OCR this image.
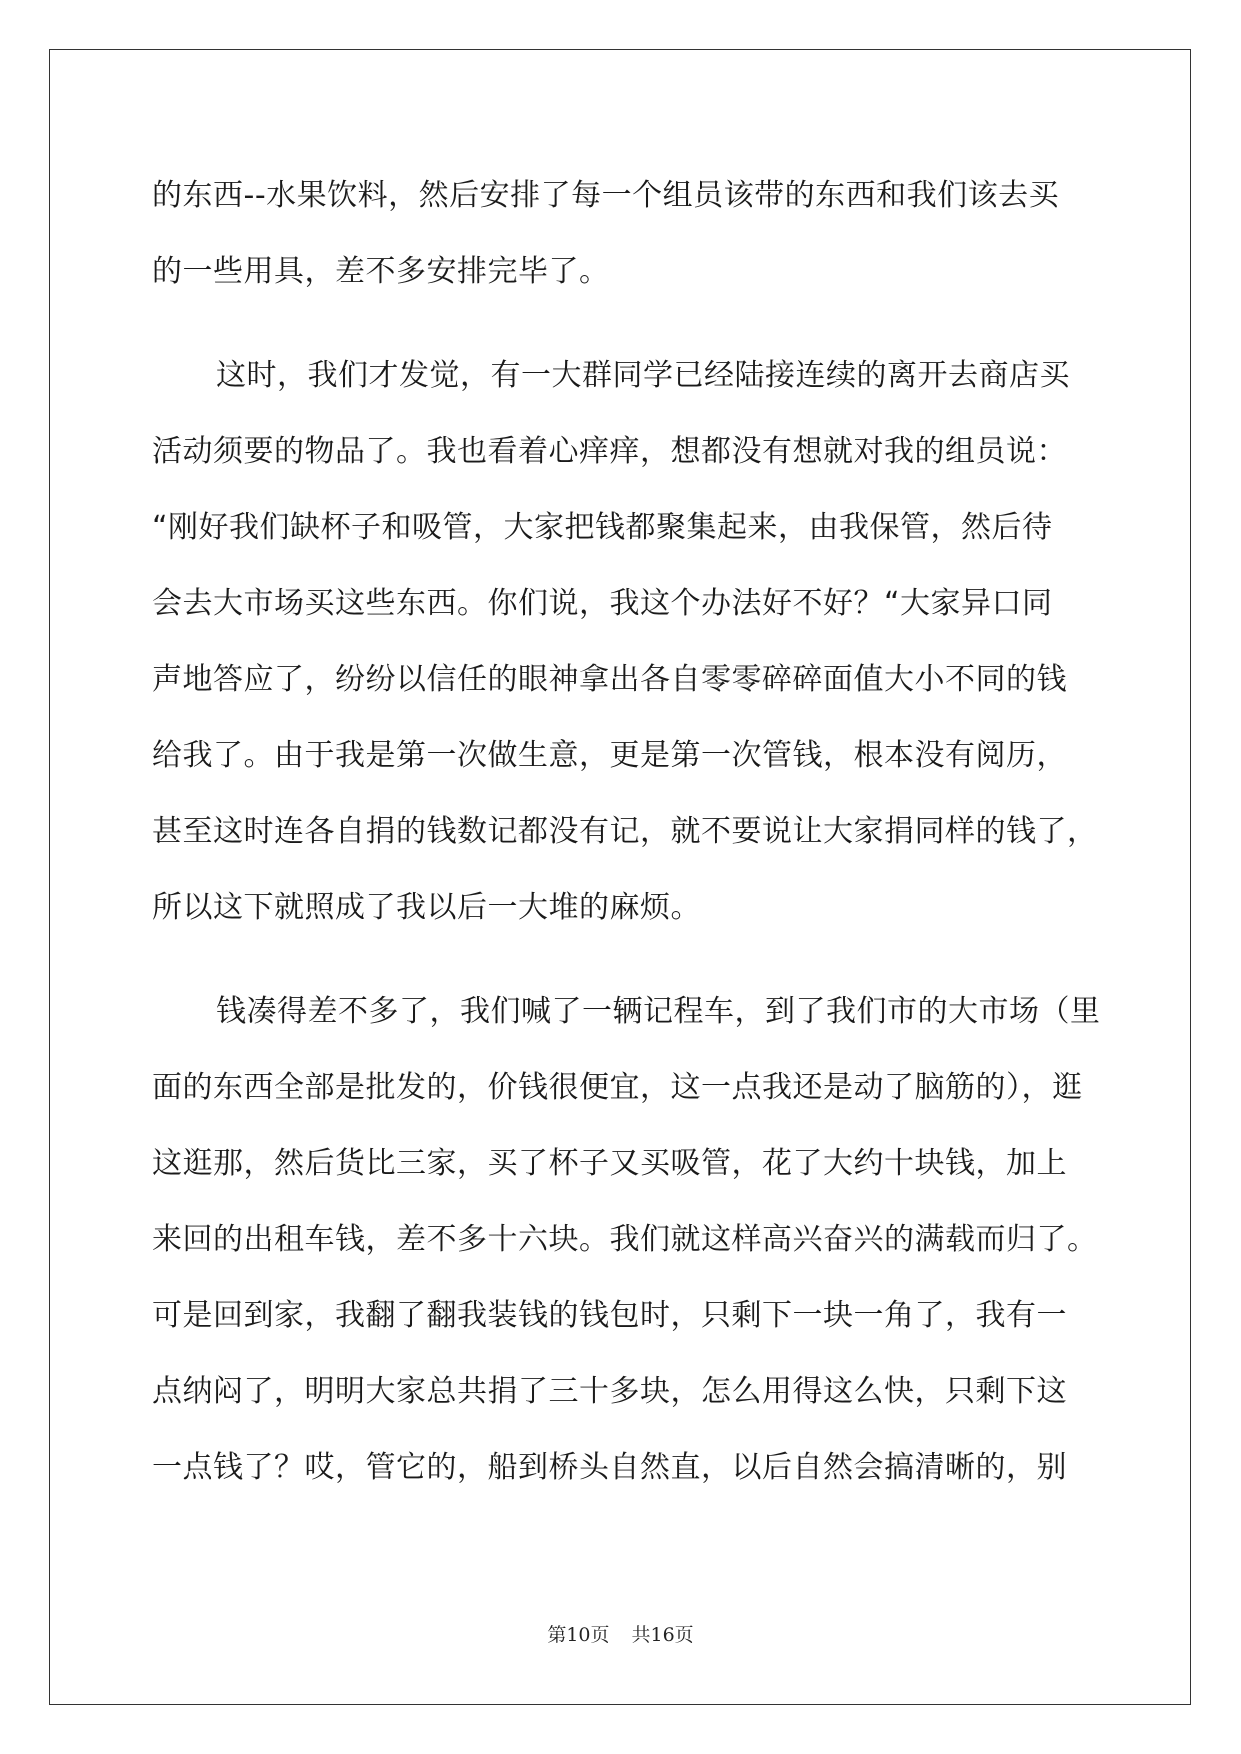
的东西--水果饮料，然后安排了每一个组员该带的东西和我们该去买
的一些用具，差不多安排完毕了。
这时，我们才发觉，有一大群同学已经陆接连续的离开去商店买
活动须要的物品了。我也看着心痒痒，想都没有想就对我的组员说：
“刚好我们缺杯子和吸管，大家把钱都聚集起来，由我保管，然后待
会去大市场买这些东西。你们说，我这个办法好不好？“大家异口同
声地答应了，纷纷以信任的眼神拿出各自零零碎碎面值大小不同的钱
给我了。由于我是第一次做生意，更是第一次管钱，根本没有阅历，
甚至这时连各自捐的钱数记都没有记，就不要说让大家捐同样的钱了，
所以这下就照成了我以后一大堆的麻烦。
钱凑得差不多了，我们喊了一辆记程车，到了我们市的大市场（里
面的东西全部是批发的，价钱很便宜，这一点我还是动了脑筋的），逛
这逛那，然后货比三家，买了杯子又买吸管，花了大约十块钱，加上
来回的出租车钱，差不多十六块。我们就这样高兴奋兴的满载而归了。
可是回到家，我翻了翻我装钱的钱包时，只剩下一块一角了，我有一
点纳闷了，明明大家总共捐了三十多块，怎么用得这么快，只剩下这
一点钱了？哎，管它的，船到桥头自然直，以后自然会搞清晰的，别
第10页 共16页
